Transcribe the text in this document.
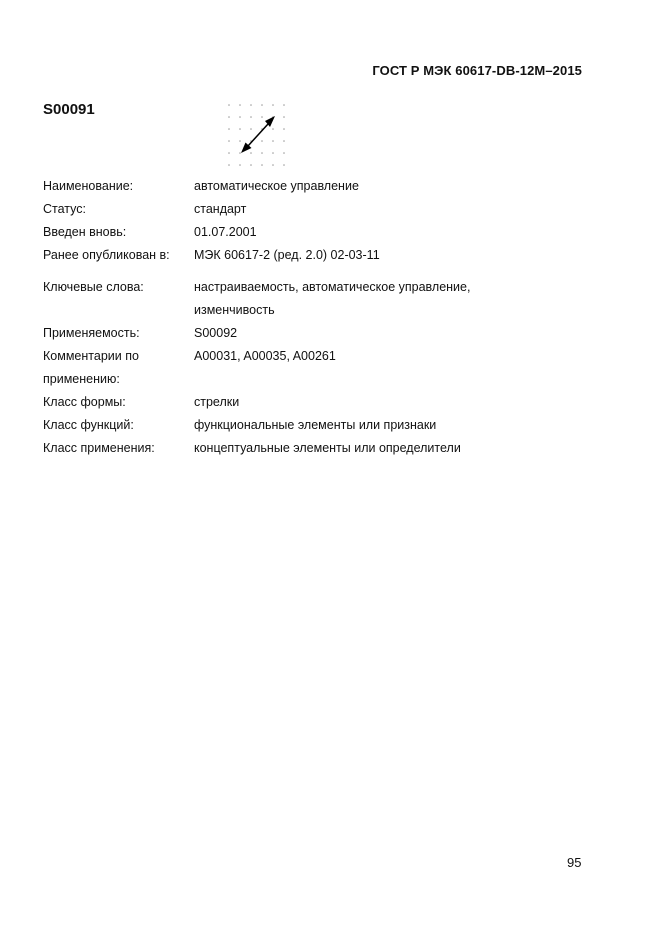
ГОСТ Р МЭК 60617-DB-12M–2015
S00091
Наименование:	автоматическое управление
Статус:	стандарт
Введен вновь:	01.07.2001
Ранее опубликован в:	МЭК 60617-2 (ред. 2.0) 02-03-11
Ключевые слова:	настраиваемость, автоматическое управление,
изменчивость
Применяемость:	S00092
Комментарии по
применению:
A00031, A00035, A00261
Класс формы:	стрелки
Класс функций:	функциональные элементы или признаки
Класс применения:	концептуальные элементы или определители
95
